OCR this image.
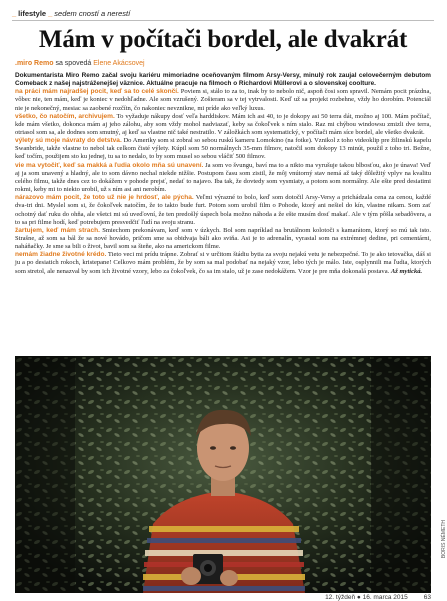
_ lifestyle _ sedem cností a nerestí
Mám v počítači bordel, ale dvakrát
.miro Remo sa spovedá Elene Akácsovej

Dokumentarista Miro Remo začal svoju kariéru mimoriadne oceňovaným filmom Arsy-Versy, minulý rok zaujal celovečerným debutom Comeback z našej najstráženejšej väznice. Aktuálne pracuje na filmoch o Richardovi Müllerovi a o slovenskej coolture.

na práci mám najradšej pocit, keď sa to celé skončí. Poviem si, stálo to za to, inak by to nebolo nič, aspoň čosi som spravil. Nemám pocit prázdna, vôbec nie, ten mám, keď je koniec v nedohľadne. Ale som vzrušený. Zošieram sa v tej vytrvalosti. Keď už sa projekt rozbehne, vždy ho dorobím. Potenciál nie je nekonečný, mesiac sa zaobené rozčítn, čo nakoniec nevznikne, mi príde ako veľký luxus.

všetko, čo natočím, archivujem. To vyžaduje nákupy dosť veľa harddiskov. Mám ich asi 40, to je dokopy asi 50 terra dát, možno aj 100. Mám počítač, kde mám všetko, dokonca mám aj jeho zálohu, aby som vždy mohol nadviazať, keby sa čokoľvek s ním stalo. Raz mi chýbou windowsu zmizli dve terra, otriasol som sa, ale dodnes som smutný, aj keď sa vlastne nič také nestratilo. V záložkách som systematický, v počítači mám síce bordel, ale všetko dvakrát.

výlety sú moje návraty do detstva. Do Ameriky som si zobral so sebou ruskú kameru Lomokino (na fotke). Vznikol z toho videoklip pre žilinskú kapelu Swanbride, takže vlastne to nebol tak celkom čisté výlety. Kúpil som 50 normálnych 35-mm filmov, natočil som dokopy 13 minút, použil z toho tri. Bežne, keď točím, použijem sto ku jednej, tu sa to nedalo, to by som musel so sebou vláčiť 500 filmov.

vie ma vytočiť, keď sa makká a ľudia okolo mňa sú unavení. Ja som vo švungu, baví ma to a nikto ma vyrušuje takou blbosťou, ako je únava! Veď aj ja som unavený a hladný, ale to som dávno nechal niekde nižšie. Postupom času som zistil, že môj vnútorný stav nemá až taký dôležitý vplyv na kvalitu celého filmu, takže dnes cez to dokážem v pohode prejsť, nedať to najavo. Iba tak, že dovtedy som vysmiaty, a potom som normálny. Ale ešte pred desiatimi rokmi, keby mi to niekto urobil, už s ním asi ani nerobím.

nárazovo mám pocit, že toto už nie je hrdosť, ale pýcha. Veľmi výrazné to bolo, keď som dotočil Arsy-Versy a prichádzala cena za cenou, každé dva-tri dni. Myslel som si, že čokoľvek natočím, že to takto bude furt. Potom som urobil film o Pohode, ktorý ani nešiel do kín, vlastne nikam. Som zať ochotný dať ruku do ohňa, ale všetci mi sú uveďovní, že ten predošlý úspech bola možno náhoda a že ešte musím dosť makať. Ale v tým pôšla sebadôvera, a to sa pri filme hodí, keď potrebujem presvedčiť ľudí na svoju stranu.

žartujem, keď mám strach. Smiechom prekonávam, keď som v úzkych. Bol som napríklad na brutálnom kolotoči s kamarátom, ktorý so mú tak isto. Strašne, až som sa bál že sa nové hovádo, pričom sme sa obidvaja báli ako sviňa. Asi je to adrenalín, vyrastal som na extrémnej dedine, pri cementárni, naháňačky. Je sme sa bili o život, bavil som sa šteňe, ako na americkom filme.

nemám žiadne životné krédo. Tieto veci mi prídu trápne. Zobrať si v určitom štádiu bytia za svoju nejakú vetu je nebezpečné. To je ako tetovačka, dáš si ju a po desiatich rokoch, kristepane! Celkovo mám problém, že by som sa mal podobať na nejaký vzor, lebo tých je málo. Iste, osplynnili ma ľudia, ktorých som stretol, ale nenazval by som ich životné vzory, lebo za čokoľvek, čo sa im stalo, už je zase nedokážem. Vzor je pre mňa dokonalá postava. Až mytická.

BORIS NÉMETH
12. týždeň ● 16. marca 2015 63
